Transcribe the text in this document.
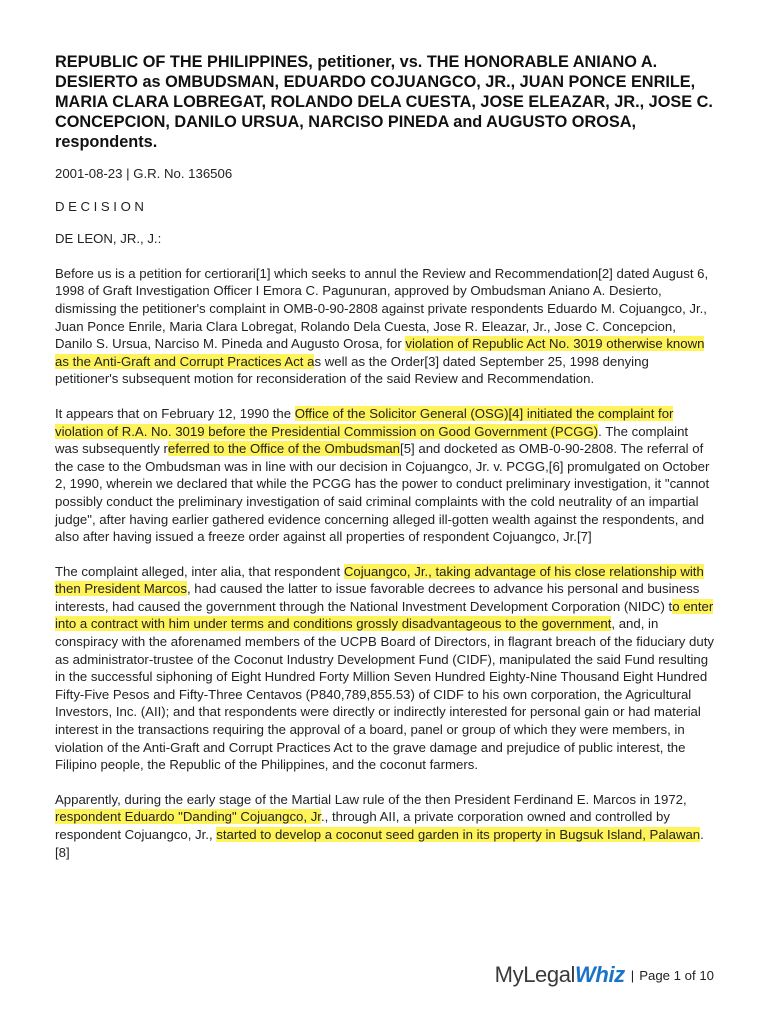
REPUBLIC OF THE PHILIPPINES, petitioner, vs. THE HONORABLE ANIANO A. DESIERTO as OMBUDSMAN, EDUARDO COJUANGCO, JR., JUAN PONCE ENRILE, MARIA CLARA LOBREGAT, ROLANDO DELA CUESTA, JOSE ELEAZAR, JR., JOSE C. CONCEPCION, DANILO URSUA, NARCISO PINEDA and AUGUSTO OROSA, respondents.
2001-08-23 | G.R. No. 136506
DECISION
DE LEON, JR., J.:

Before us is a petition for certiorari[1] which seeks to annul the Review and Recommendation[2] dated August 6, 1998 of Graft Investigation Officer I Emora C. Pagunuran, approved by Ombudsman Aniano A. Desierto, dismissing the petitioner's complaint in OMB-0-90-2808 against private respondents Eduardo M. Cojuangco, Jr., Juan Ponce Enrile, Maria Clara Lobregat, Rolando Dela Cuesta, Jose R. Eleazar, Jr., Jose C. Concepcion, Danilo S. Ursua, Narciso M. Pineda and Augusto Orosa, for violation of Republic Act No. 3019 otherwise known as the Anti-Graft and Corrupt Practices Act as well as the Order[3] dated September 25, 1998 denying petitioner's subsequent motion for reconsideration of the said Review and Recommendation.

It appears that on February 12, 1990 the Office of the Solicitor General (OSG)[4] initiated the complaint for violation of R.A. No. 3019 before the Presidential Commission on Good Government (PCGG). The complaint was subsequently referred to the Office of the Ombudsman[5] and docketed as OMB-0-90-2808. The referral of the case to the Ombudsman was in line with our decision in Cojuangco, Jr. v. PCGG,[6] promulgated on October 2, 1990, wherein we declared that while the PCGG has the power to conduct preliminary investigation, it "cannot possibly conduct the preliminary investigation of said criminal complaints with the cold neutrality of an impartial judge", after having earlier gathered evidence concerning alleged ill-gotten wealth against the respondents, and also after having issued a freeze order against all properties of respondent Cojuangco, Jr.[7]

The complaint alleged, inter alia, that respondent Cojuangco, Jr., taking advantage of his close relationship with then President Marcos, had caused the latter to issue favorable decrees to advance his personal and business interests, had caused the government through the National Investment Development Corporation (NIDC) to enter into a contract with him under terms and conditions grossly disadvantageous to the government, and, in conspiracy with the aforenamed members of the UCPB Board of Directors, in flagrant breach of the fiduciary duty as administrator-trustee of the Coconut Industry Development Fund (CIDF), manipulated the said Fund resulting in the successful siphoning of Eight Hundred Forty Million Seven Hundred Eighty-Nine Thousand Eight Hundred Fifty-Five Pesos and Fifty-Three Centavos (P840,789,855.53) of CIDF to his own corporation, the Agricultural Investors, Inc. (AII); and that respondents were directly or indirectly interested for personal gain or had material interest in the transactions requiring the approval of a board, panel or group of which they were members, in violation of the Anti-Graft and Corrupt Practices Act to the grave damage and prejudice of public interest, the Filipino people, the Republic of the Philippines, and the coconut farmers.

Apparently, during the early stage of the Martial Law rule of the then President Ferdinand E. Marcos in 1972, respondent Eduardo "Danding" Cojuangco, Jr., through AII, a private corporation owned and controlled by respondent Cojuangco, Jr., started to develop a coconut seed garden in its property in Bugsuk Island, Palawan.[8]

MyLegalWhiz | Page 1 of 10
